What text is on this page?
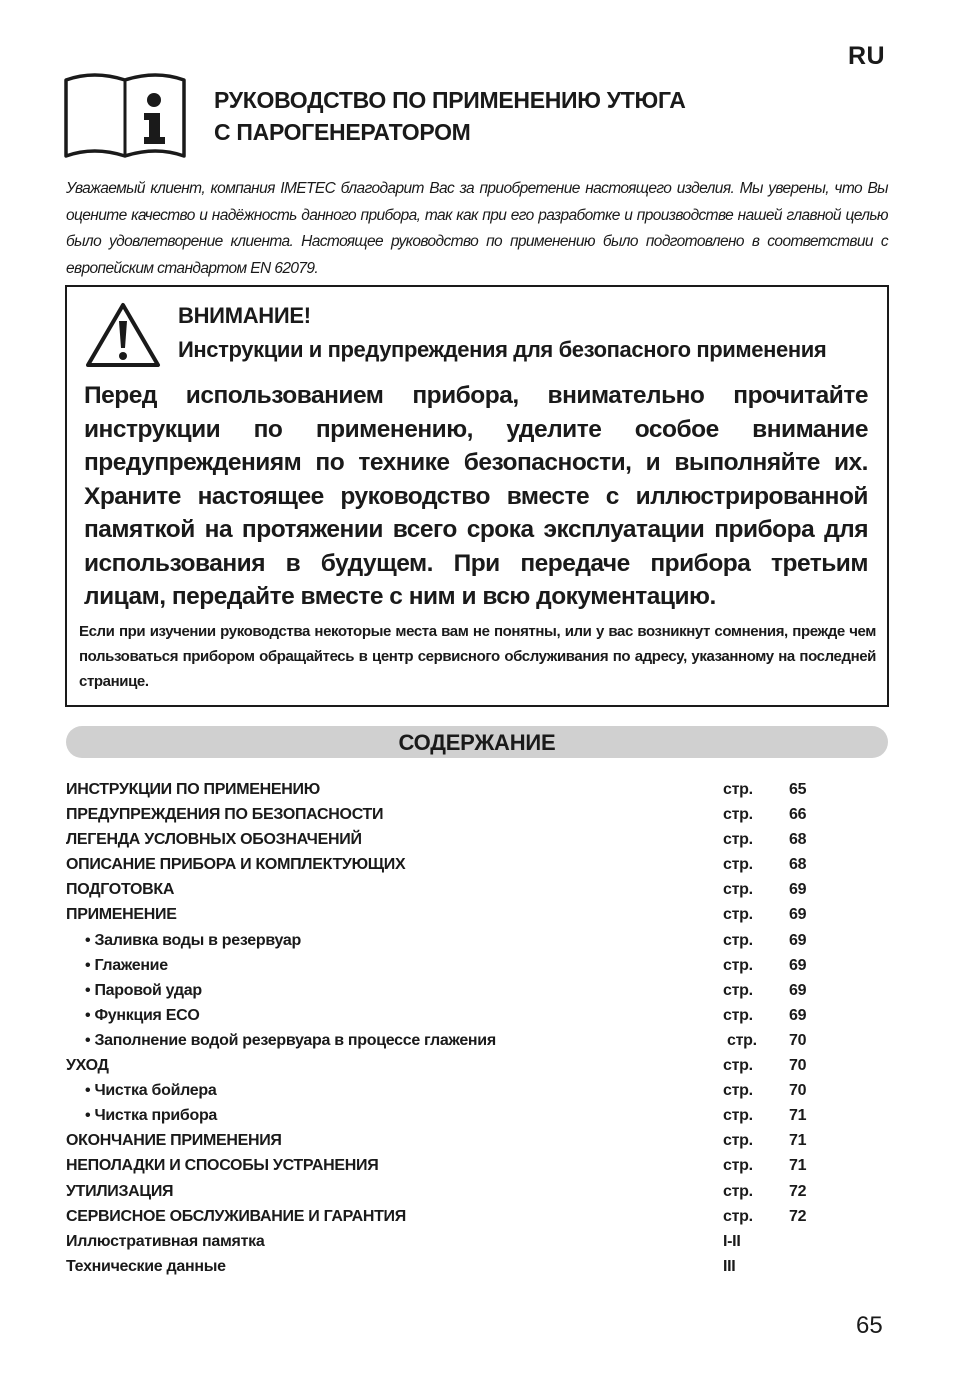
RU
РУКОВОДСТВО ПО ПРИМЕНЕНИЮ УТЮГА
С ПАРОГЕНЕРАТОРОМ
Уважаемый клиент, компания IMETEC благодарит Вас за приобретение настоящего изделия. Мы уверены, что Вы оцените качество и надёжность данного прибора, так как при его разработке и производстве нашей главной целью было удовлетворение клиента. Настоящее руководство по применению было подготовлено в соответствии с европейским стандартом EN 62079.
ВНИМАНИЕ!
Инструкции и предупреждения для безопасного применения
Перед использованием прибора, внимательно прочитайте инструкции по применению, уделите особое внимание предупреждениям по технике безопасности, и выполняйте их. Храните настоящее руководство вместе с иллюстрированной памяткой на протяжении всего срока эксплуатации прибора для использования в будущем. При передаче прибора третьим лицам, передайте вместе с ним и всю документацию.
Если при изучении руководства некоторые места вам не понятны, или у вас возникнут сомнения, прежде чем пользоваться прибором обращайтесь в центр сервисного обслуживания по адресу, указанному на последней странице.
СОДЕРЖАНИЕ
ИНСТРУКЦИИ ПО ПРИМЕНЕНИЮ	стр. 65
ПРЕДУПРЕЖДЕНИЯ ПО БЕЗОПАСНОСТИ	стр. 66
ЛЕГЕНДА УСЛОВНЫХ ОБОЗНАЧЕНИЙ	стр. 68
ОПИСАНИЕ ПРИБОРА И КОМПЛЕКТУЮЩИХ	стр. 68
ПОДГОТОВКА	стр. 69
ПРИМЕНЕНИЕ	стр. 69
• Заливка воды в резервуар	стр. 69
• Глажение	стр. 69
• Паровой удар	стр. 69
• Функция ECO	стр. 69
• Заполнение водой резервуара в процессе глажения	стр. 70
УХОД	стр. 70
• Чистка бойлера	стр. 70
• Чистка прибора	стр. 71
ОКОНЧАНИЕ ПРИМЕНЕНИЯ	стр. 71
НЕПОЛАДКИ И СПОСОБЫ УСТРАНЕНИЯ	стр. 71
УТИЛИЗАЦИЯ	стр. 72
СЕРВИСНОЕ ОБСЛУЖИВАНИЕ И ГАРАНТИЯ	стр. 72
Иллюстративная памятка	I-II
Технические данные	III
65
